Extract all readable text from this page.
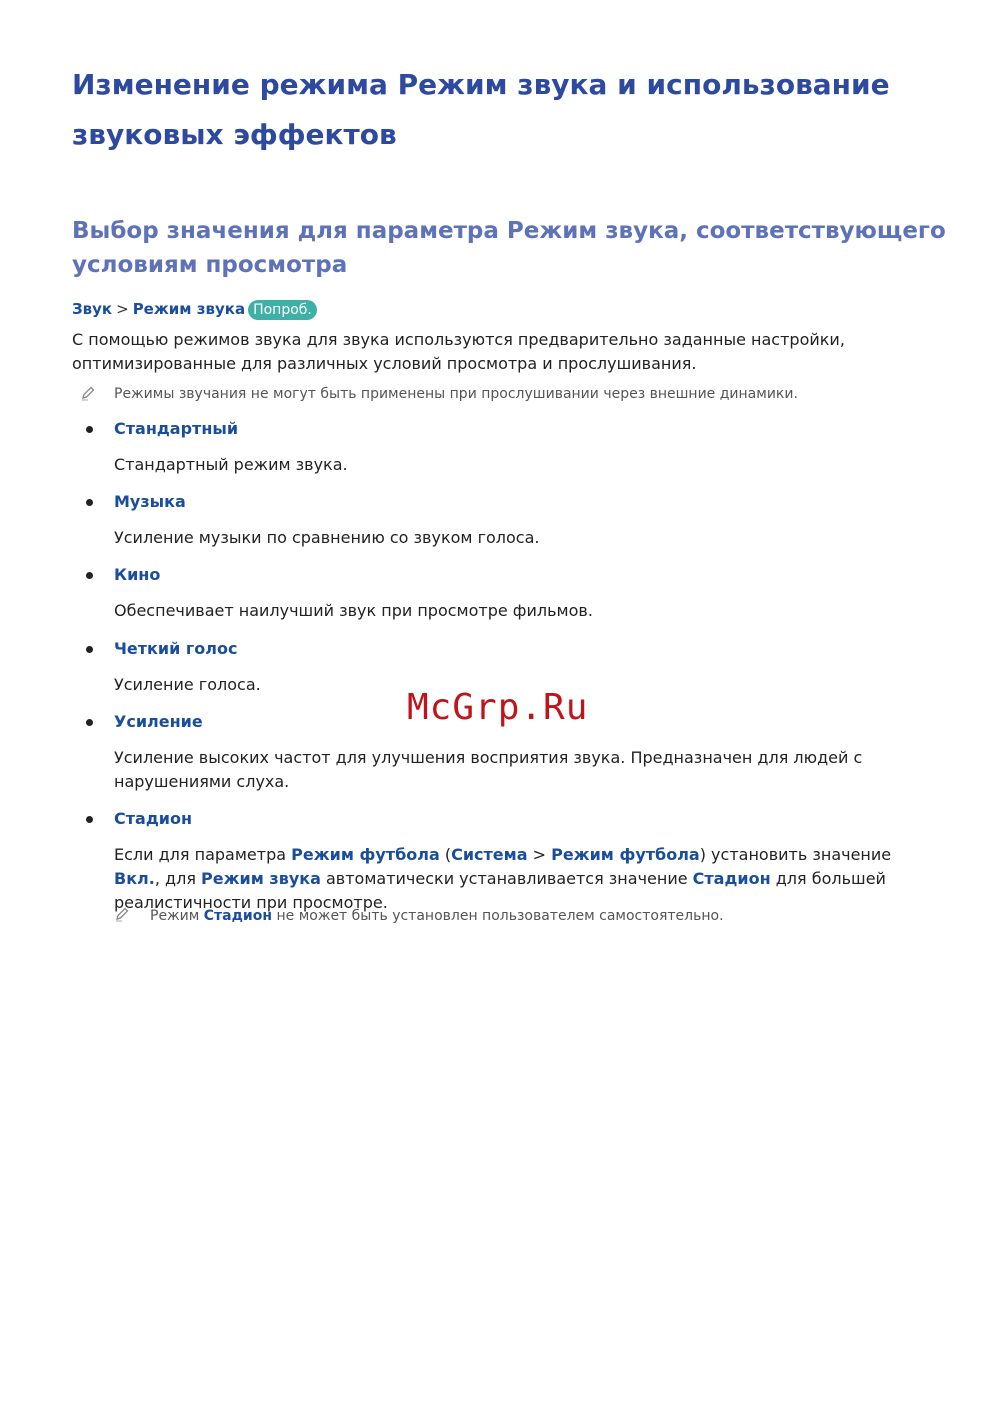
Изменение режима Режим звука и использование звуковых эффектов
Выбор значения для параметра Режим звука, соответствующего условиям просмотра
Звук > Режим звука Попроб.

С помощью режимов звука для звука используются предварительно заданные настройки, оптимизированные для различных условий просмотра и прослушивания.

Режимы звучания не могут быть применены при прослушивании через внешние динамики.
Стандартный

Стандартный режим звука.

Музыка

Усиление музыки по сравнению со звуком голоса.

Кино

Обеспечивает наилучший звук при просмотре фильмов.

Четкий голос

Усиление голоса.

Усиление

Усиление высоких частот для улучшения восприятия звука. Предназначен для людей с нарушениями слуха.

Стадион

Если для параметра Режим футбола (Система > Режим футбола) установить значение Вкл., для Режим звука автоматически устанавливается значение Стадион для большей реалистичности при просмотре.

Режим Стадион не может быть установлен пользователем самостоятельно.
McGrp.Ru
